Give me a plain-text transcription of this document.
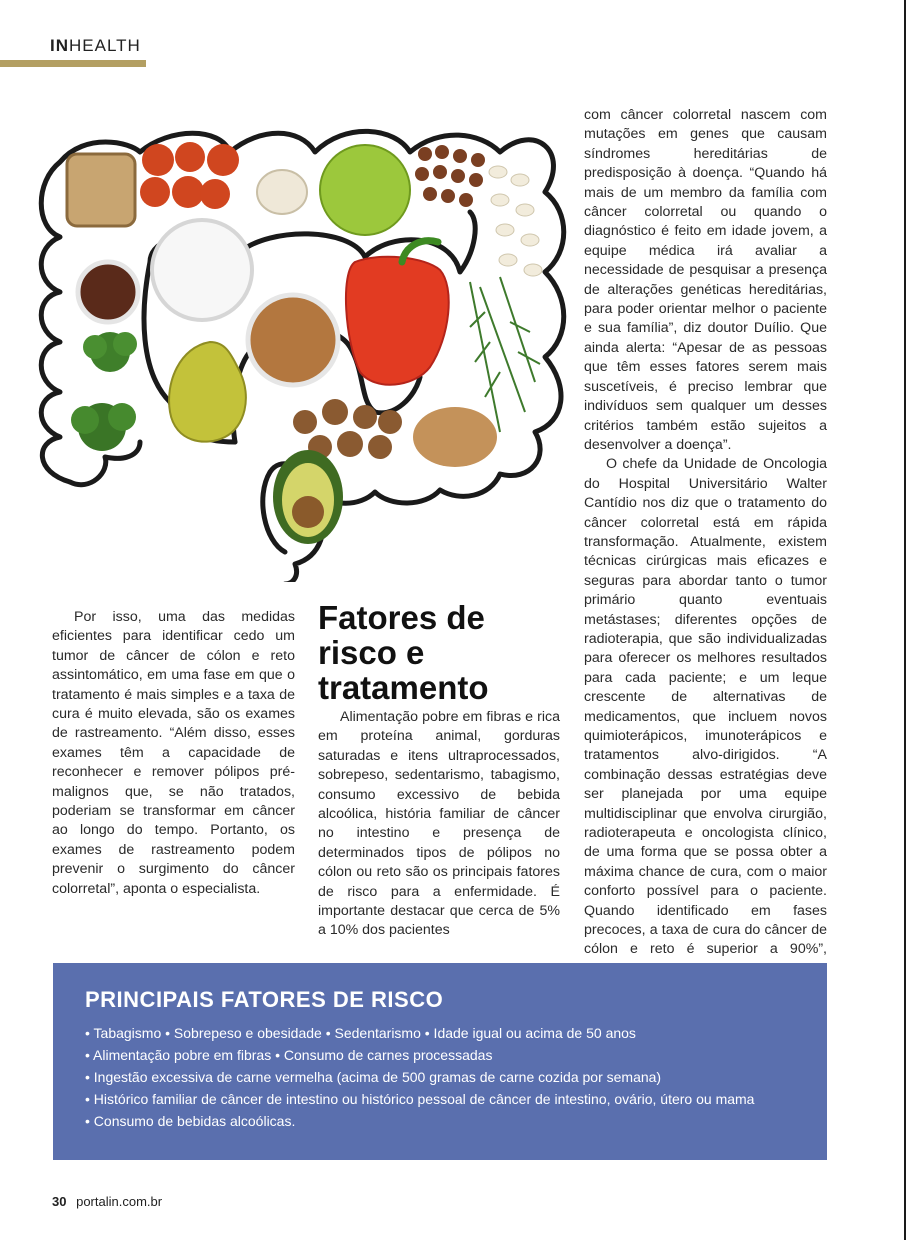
INHEALTH

com câncer colorretal nascem com mutações em genes que causam síndromes hereditárias de predisposição à doença. “Quando há mais de um membro da família com câncer colorretal ou quando o diagnóstico é feito em idade jovem, a equipe médica irá avaliar a necessidade de pesquisar a presença de alterações genéticas hereditárias, para poder orientar melhor o paciente e sua família”, diz doutor Duílio. Que ainda alerta: “Apesar de as pessoas que têm esses fatores serem mais suscetíveis, é preciso lembrar que indivíduos sem qualquer um desses critérios também estão sujeitos a desenvolver a doença”.

O chefe da Unidade de Oncologia do Hospital Universitário Walter Cantídio nos diz que o tratamento do câncer colorretal está em rápida transformação. Atualmente, existem técnicas cirúrgicas mais eficazes e seguras para abordar tanto o tumor primário quanto eventuais metástases; diferentes opções de radioterapia, que são individualizadas para oferecer os melhores resultados para cada paciente; e um leque crescente de alternativas de medicamentos, que incluem novos quimioterápicos, imunoterápicos e tratamentos alvo-dirigidos. “A combinação dessas estratégias deve ser planejada por uma equipe multidisciplinar que envolva cirurgião, radioterapeuta e oncologista clínico, de uma forma que se possa obter a máxima chance de cura, com o maior conforto possível para o paciente. Quando identificado em fases precoces, a taxa de cura do câncer de cólon e reto é superior a 90%”,

Por isso, uma das medidas eficientes para identificar cedo um tumor de câncer de cólon e reto assintomático, em uma fase em que o tratamento é mais simples e a taxa de cura é muito elevada, são os exames de rastreamento. “Além disso, esses exames têm a capacidade de reconhecer e remover pólipos pré-malignos que, se não tratados, poderiam se transformar em câncer ao longo do tempo. Portanto, os exames de rastreamento podem prevenir o surgimento do câncer colorretal”, aponta o especialista.

Fatores de risco e tratamento

Alimentação pobre em fibras e rica em proteína animal, gorduras saturadas e itens ultraprocessados, sobrepeso, sedentarismo, tabagismo, consumo excessivo de bebida alcoólica, história familiar de câncer no intestino e presença de determinados tipos de pólipos no cólon ou reto são os principais fatores de risco para a enfermidade. É importante destacar que cerca de 5% a 10% dos pacientes

PRINCIPAIS FATORES DE RISCO
• Tabagismo • Sobrepeso e obesidade • Sedentarismo • Idade igual ou acima de 50 anos
• Alimentação pobre em fibras • Consumo de carnes processadas
• Ingestão excessiva de carne vermelha (acima de 500 gramas de carne cozida por semana)
• Histórico familiar de câncer de intestino ou histórico pessoal de câncer de intestino, ovário, útero ou mama
• Consumo de bebidas alcoólicas.
30 portalin.com.br
